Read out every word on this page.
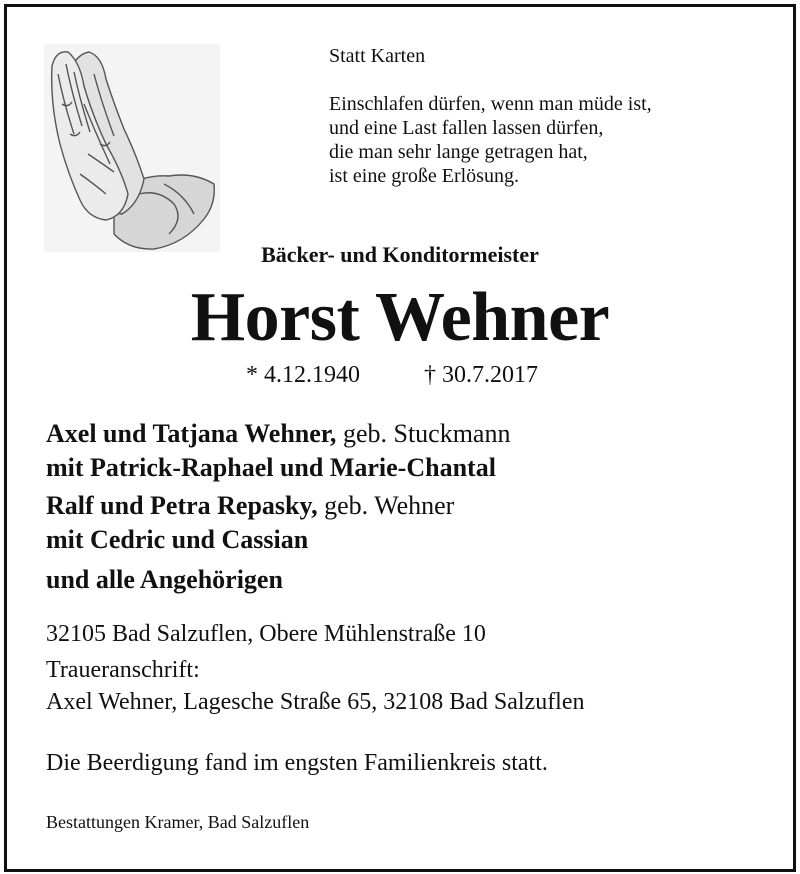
Statt Karten
Einschlafen dürfen, wenn man müde ist,
und eine Last fallen lassen dürfen,
die man sehr lange getragen hat,
ist eine große Erlösung.
Bäcker- und Konditormeister
Horst Wehner
* 4.12.1940	† 30.7.2017
Axel und Tatjana Wehner, geb. Stuckmann
mit Patrick-Raphael und Marie-Chantal
Ralf und Petra Repasky, geb. Wehner
mit Cedric und Cassian
und alle Angehörigen
32105 Bad Salzuflen, Obere Mühlenstraße 10
Traueranschrift:
Axel Wehner, Lagesche Straße 65, 32108 Bad Salzuflen
Die Beerdigung fand im engsten Familienkreis statt.
Bestattungen Kramer, Bad Salzuflen
